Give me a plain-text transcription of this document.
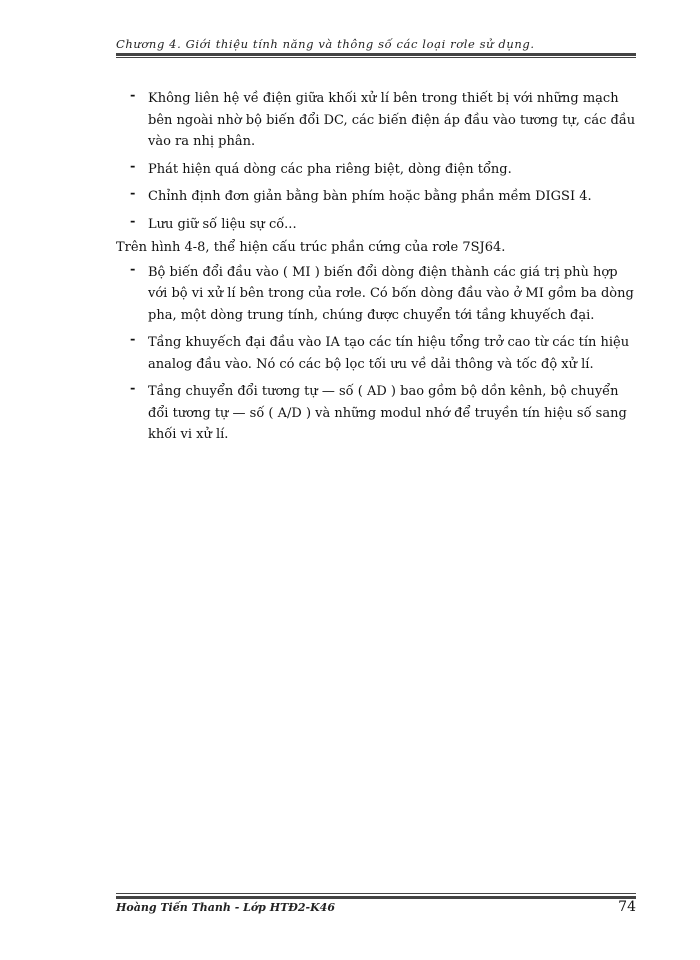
Chương 4. Giới thiệu tính năng và thông số các loại rơle sử dụng.
- Không liên hệ về điện giữa khối xử lí bên trong thiết bị với những mạch bên ngoài nhờ bộ biến đổi DC, các biến điện áp đầu vào tương tự, các đầu vào ra nhị phân.
- Phát hiện quá dòng các pha riêng biệt, dòng điện tổng.
- Chỉnh định đơn giản bằng bàn phím hoặc bằng phần mềm DIGSI 4.
- Lưu giữ số liệu sự cố...

Trên hình 4-8, thể hiện cấu trúc phần cứng của rơle 7SJ64.

- Bộ biến đổi đầu vào ( MI ) biến đổi dòng điện thành các giá trị phù hợp với bộ vi xử lí bên trong của rơle. Có bốn dòng đầu vào ở MI gồm ba dòng pha, một dòng trung tính, chúng được chuyển tới tầng khuyếch đại.
- Tầng khuyếch đại đầu vào IA tạo các tín hiệu tổng trở cao từ các tín hiệu analog đầu vào. Nó có các bộ lọc tối ưu về dải thông và tốc độ xử lí.
- Tầng chuyển đổi tương tự — số ( AD ) bao gồm bộ dồn kênh, bộ chuyển đổi tương tự — số ( A/D ) và những modul nhớ để truyền tín hiệu số sang khối vi xử lí.
Hoàng Tiến Thanh - Lớp HTĐ2-K46	74
